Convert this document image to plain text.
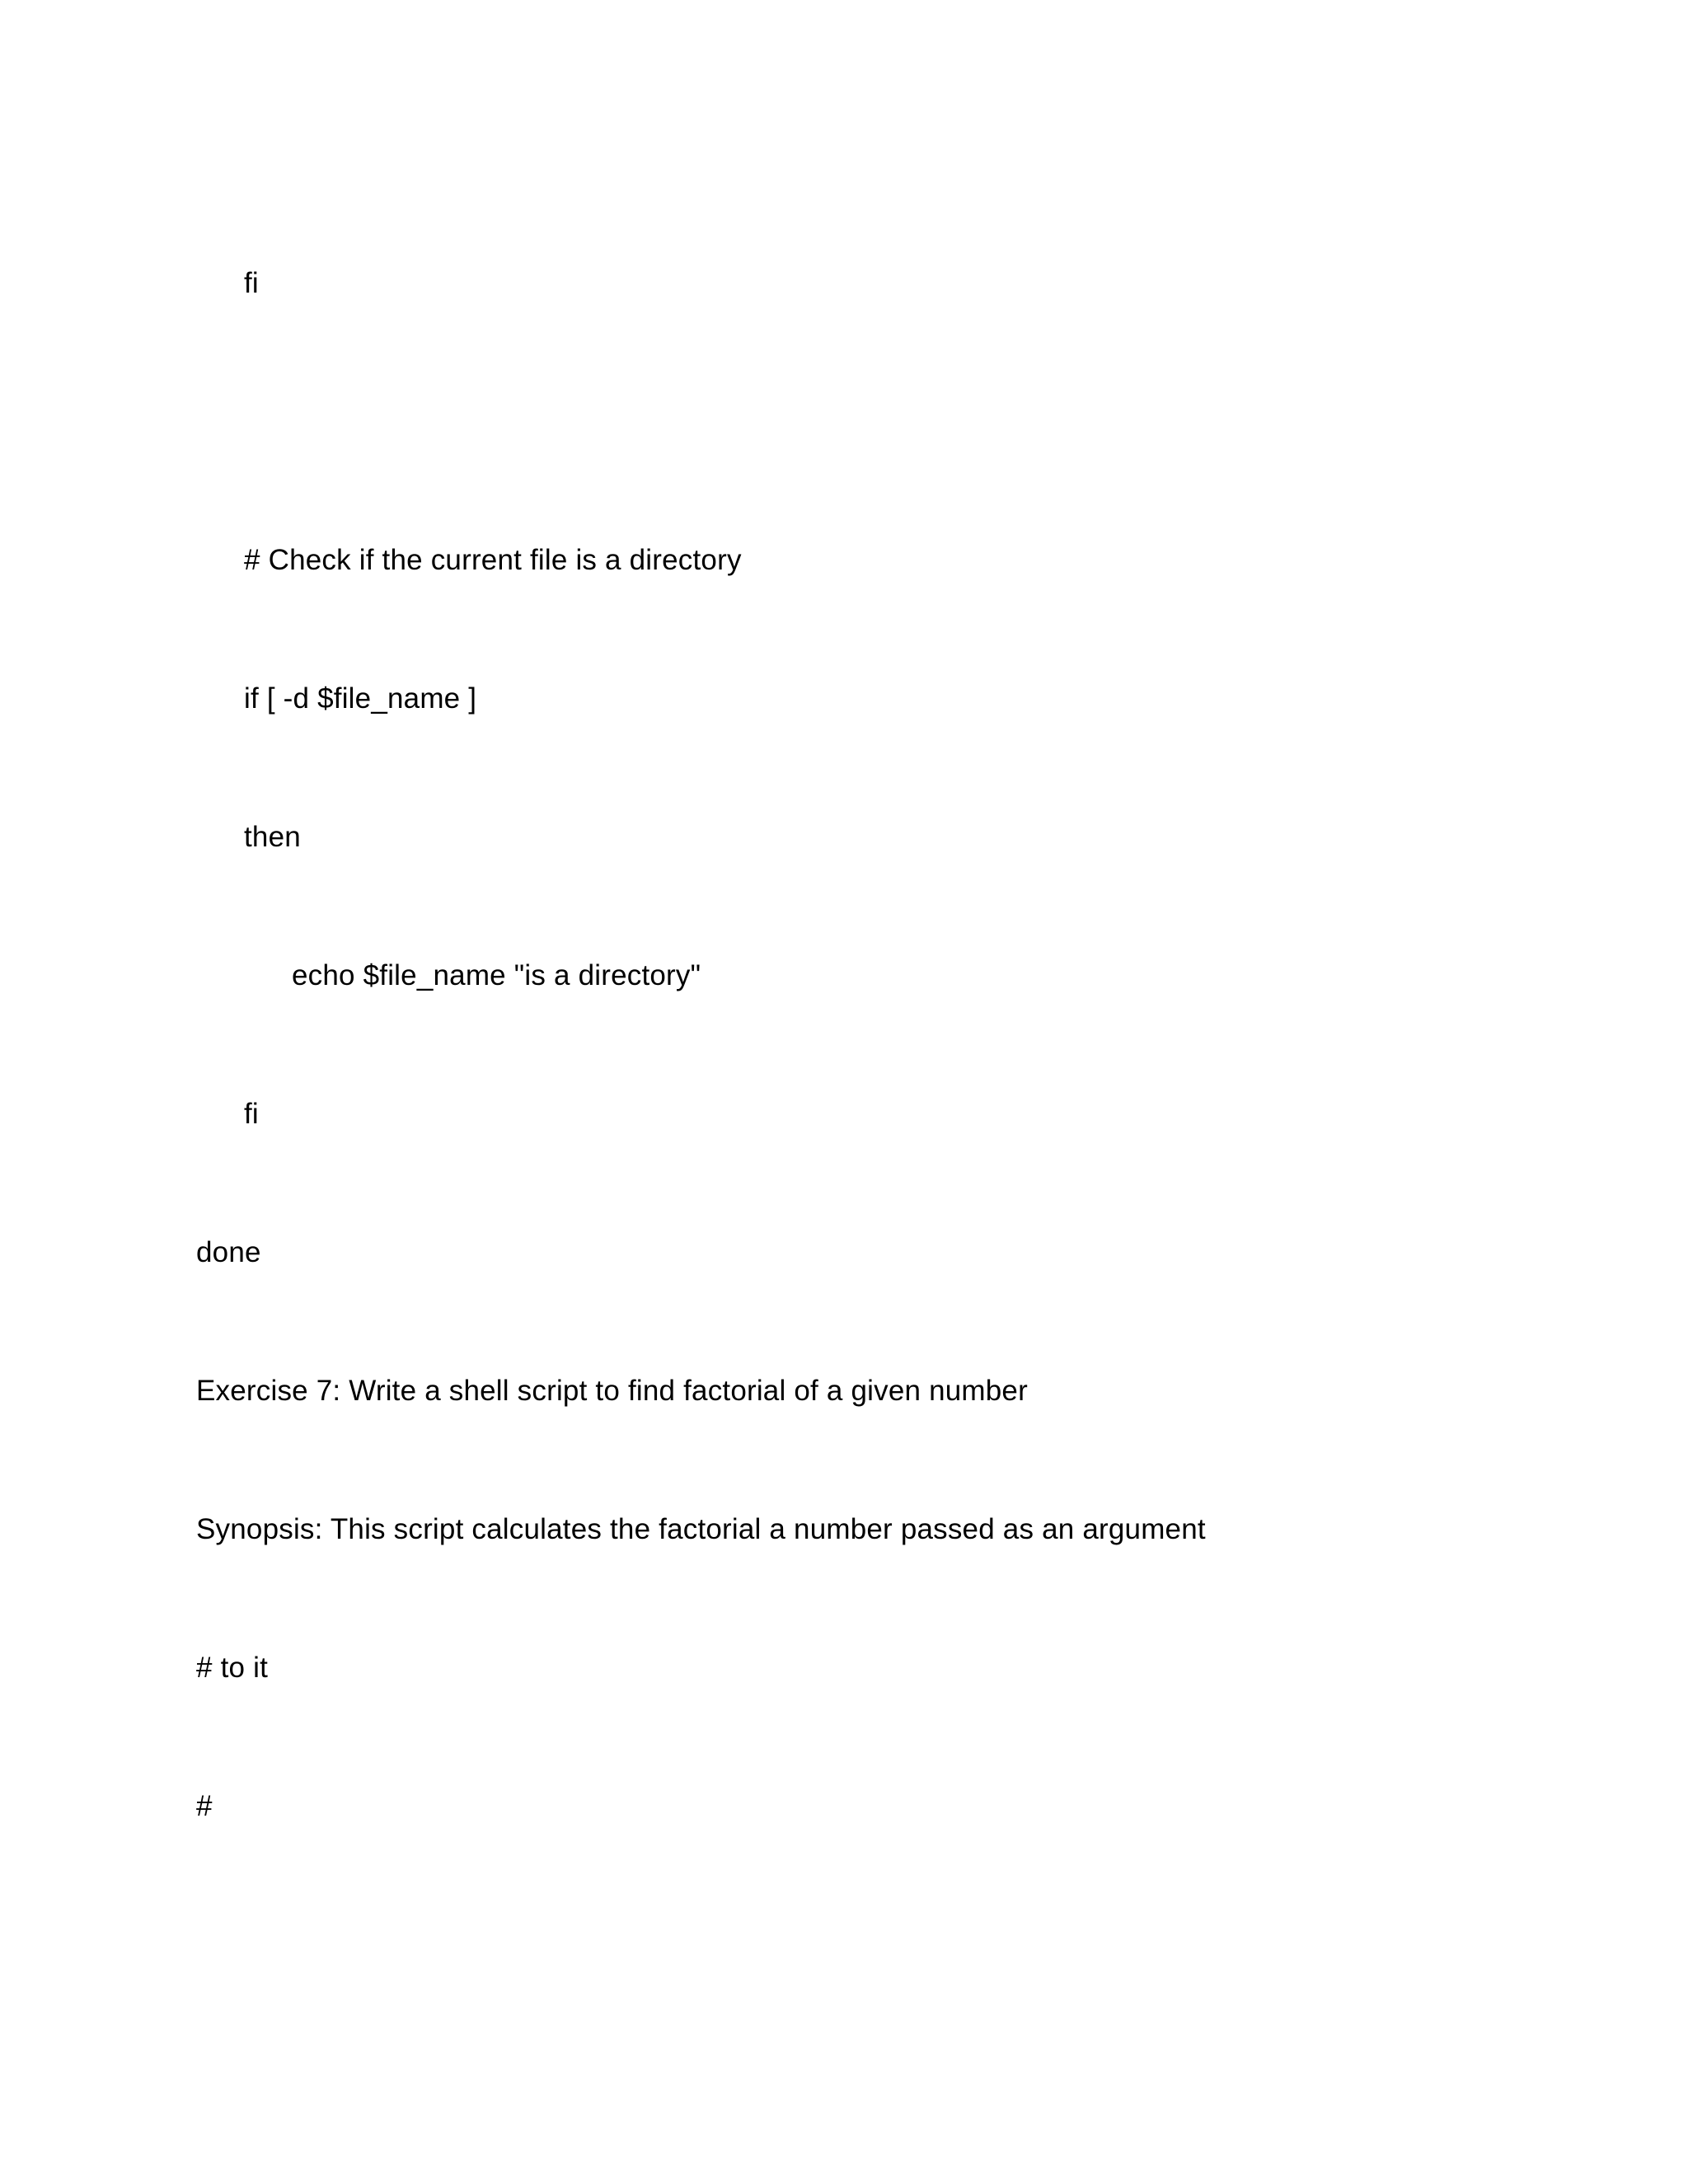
fi
# Check if the current file is a directory
if [ -d $file_name ]
then
echo $file_name "is a directory"
fi
done
Exercise 7: Write a shell script to find factorial of a given number
Synopsis: This script calculates the factorial a number passed as an argument
# to it
#
